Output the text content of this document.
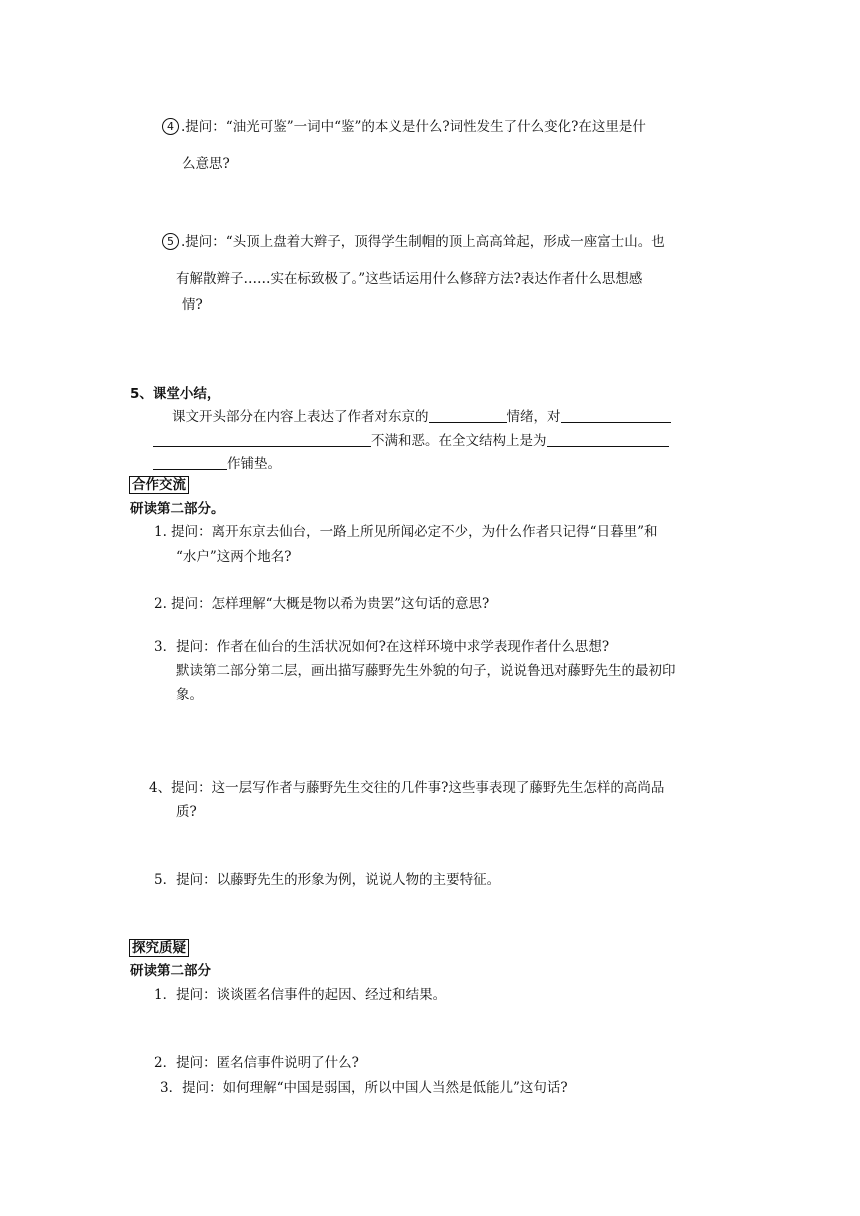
4 .提问：“油光可鉴”一词中“鉴”的本义是什么?词性发生了什么变化?在这里是什
么意思?
5 .提问：“头顶上盘着大辫子，顶得学生制帽的顶上高高耸起，形成一座富士山。也
有解散辫子……实在标致极了。”这些话运用什么修辞方法?表达作者什么思想感
情?
5、课堂小结，
课文开头部分在内容上表达了作者对东京的	情绪，对
不满和恶。在全文结构上是为
作铺垫。
合作交流
研读第二部分。
1. 提问：离开东京去仙台，一路上所见所闻必定不少，为什么作者只记得“日暮里”和
“水户”这两个地名?
2. 提问：怎样理解“大概是物以希为贵罢”这句话的意思?
3．提问：作者在仙台的生活状况如何?在这样环境中求学表现作者什么思想?
默读第二部分第二层，画出描写藤野先生外貌的句子，说说鲁迅对藤野先生的最初印
象。
4、提问：这一层写作者与藤野先生交往的几件事?这些事表现了藤野先生怎样的高尚品
质?
5．提问：以藤野先生的形象为例，说说人物的主要特征。
探究质疑
研读第二部分
1．提问：谈谈匿名信事件的起因、经过和结果。
2．提问：匿名信事件说明了什么?
3．提问：如何理解“中国是弱国，所以中国人当然是低能儿”这句话?
